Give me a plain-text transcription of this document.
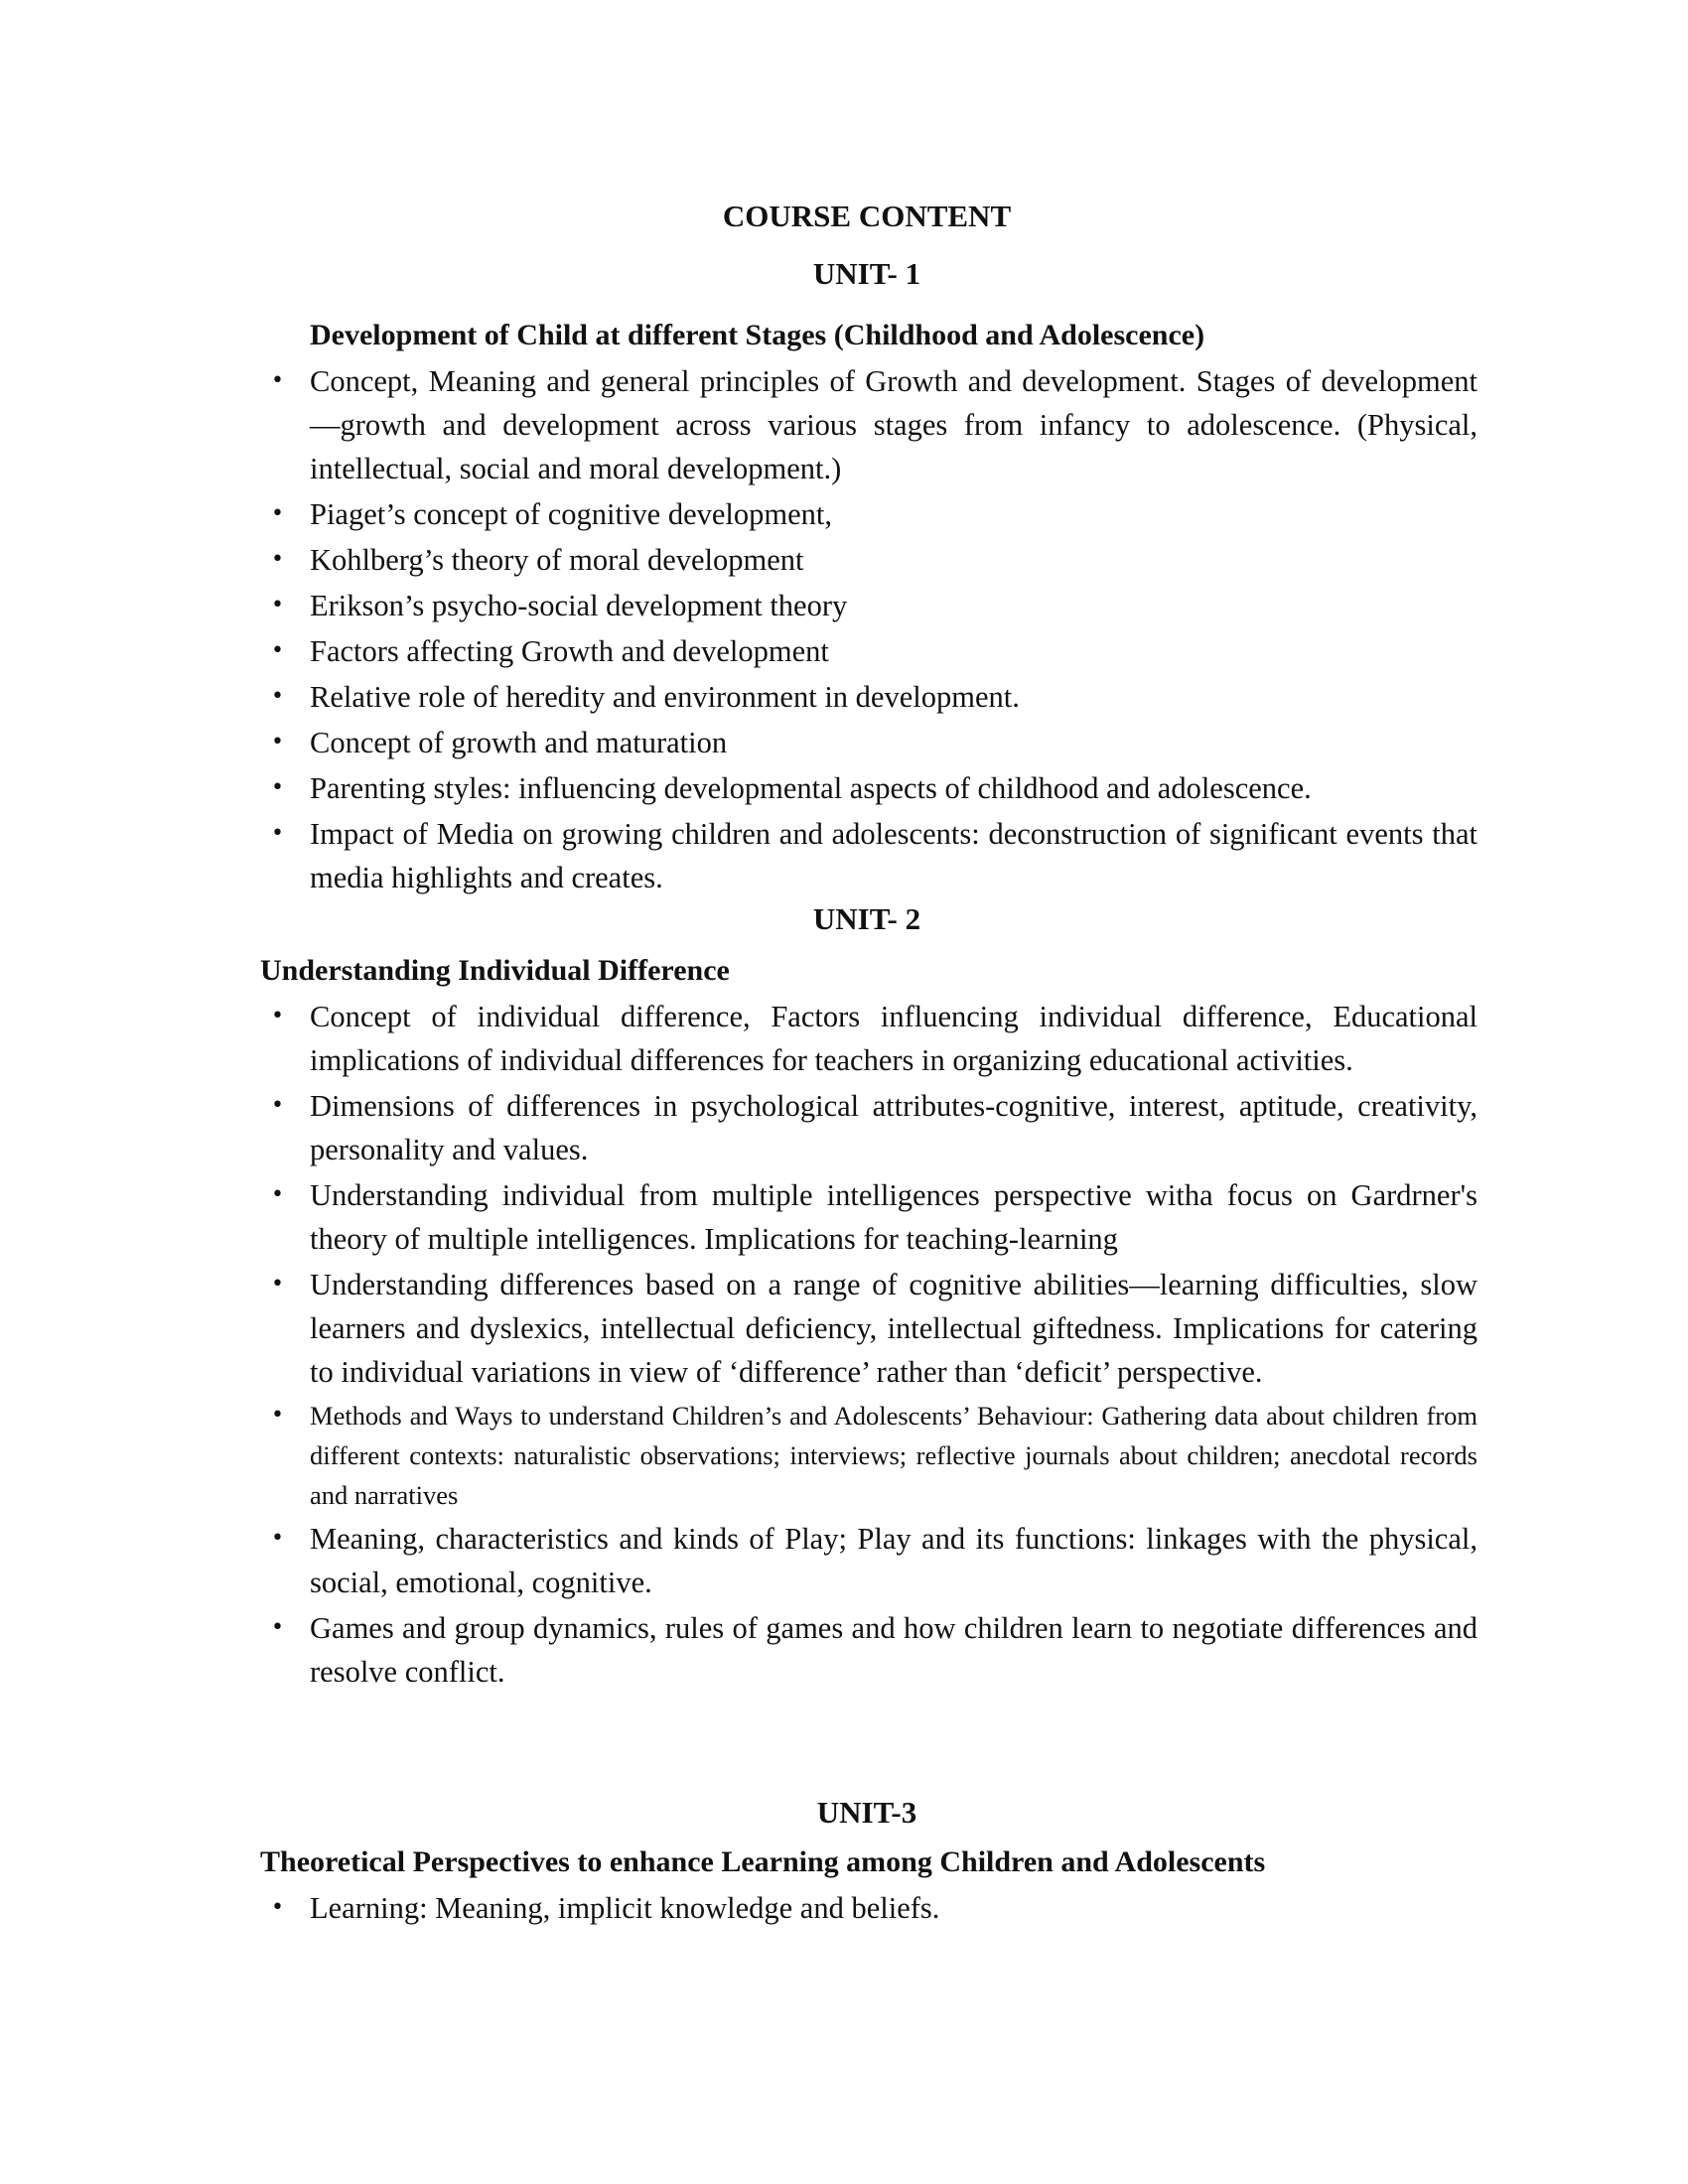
COURSE CONTENT
UNIT- 1
Development of Child at different Stages (Childhood and Adolescence)
• Concept, Meaning and general principles of Growth and development. Stages of development—growth and development across various stages from infancy to adolescence. (Physical, intellectual, social and moral development.)
• Piaget’s concept of cognitive development,
• Kohlberg’s theory of moral development
• Erikson’s psycho-social development theory
• Factors affecting Growth and development
• Relative role of heredity and environment in development.
• Concept of growth and maturation
• Parenting styles: influencing developmental aspects of childhood and adolescence.
• Impact of Media on growing children and adolescents: deconstruction of significant events that media highlights and creates.
UNIT- 2
Understanding Individual Difference
• Concept of individual difference, Factors influencing individual difference, Educational implications of individual differences for teachers in organizing educational activities.
• Dimensions of differences in psychological attributes-cognitive, interest, aptitude, creativity, personality and values.
• Understanding individual from multiple intelligences perspective witha focus on Gardrner's theory of multiple intelligences. Implications for teaching-learning
• Understanding differences based on a range of cognitive abilities—learning difficulties, slow learners and dyslexics, intellectual deficiency, intellectual giftedness. Implications for catering to individual variations in view of ‘difference’ rather than ‘deficit’ perspective.
• Methods and Ways to understand Children’s and Adolescents’ Behaviour: Gathering data about children from different contexts: naturalistic observations; interviews; reflective journals about children; anecdotal records and narratives
• Meaning, characteristics and kinds of Play; Play and its functions: linkages with the physical, social, emotional, cognitive.
• Games and group dynamics, rules of games and how children learn to negotiate differences and resolve conflict.
UNIT-3
Theoretical Perspectives to enhance Learning among Children and Adolescents
• Learning: Meaning, implicit knowledge and beliefs.
